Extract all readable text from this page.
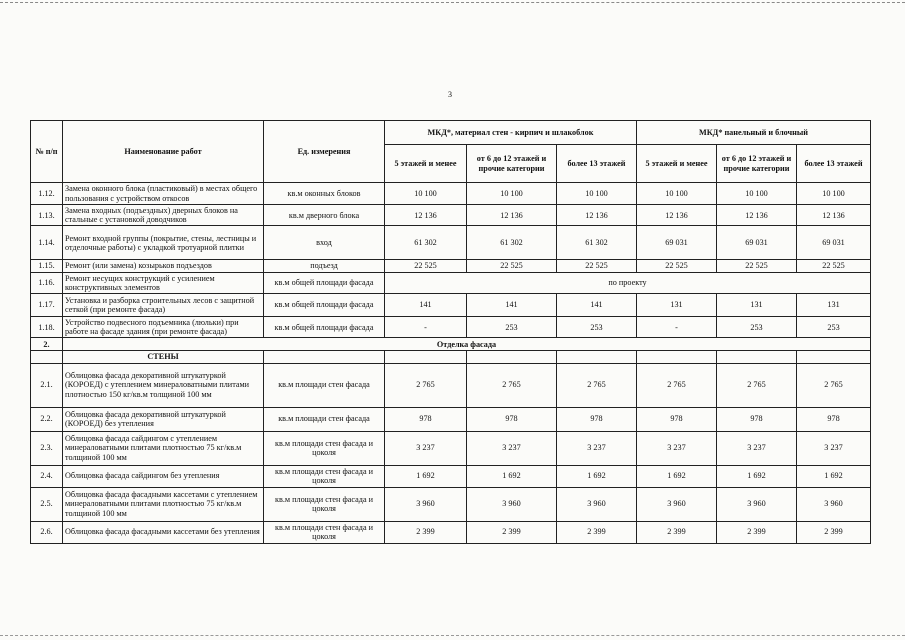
3
№ п/п	Наименование работ	Ед. измерения	МКД*, материал стен - кирпич и шлакоблок			МКД* панельный и блочный		
			5 этажей и менее	от 6 до 12 этажей и прочие категории	более 13 этажей	5 этажей и менее	от 6 до 12 этажей и прочие категории	более 13 этажей
1.12.	Замена оконного блока (пластиковый) в местах общего пользования с устройством откосов	кв.м оконных блоков	10 100	10 100	10 100	10 100	10 100	10 100
1.13.	Замена входных (подъездных) дверных блоков на стальные с установкой доводчиков	кв.м дверного блока	12 136	12 136	12 136	12 136	12 136	12 136
1.14.	Ремонт входной группы (покрытие, стены, лестницы и отделочные работы) с укладкой тротуарной плитки	вход	61 302	61 302	61 302	69 031	69 031	69 031
1.15.	Ремонт (или замена) козырьков подъездов	подъезд	22 525	22 525	22 525	22 525	22 525	22 525
1.16.	Ремонт несущих конструкций с усилением конструктивных элементов	кв.м общей площади фасада	по проекту					
1.17.	Установка и разборка строительных лесов с защитной сеткой (при ремонте фасада)	кв.м общей площади фасада	141	141	141	131	131	131
1.18.	Устройство подвесного подъемника (люльки) при работе на фасаде здания (при ремонте фасада)	кв.м общей площади фасада	-	253	253	-	253	253
2.	Отделка фасада							
	СТЕНЫ							
2.1.	Облицовка фасада декоративной штукатуркой (КОРОЕД) с утеплением минераловатными плитами плотностью 150 кг/кв.м толщиной 100 мм	кв.м площади стен фасада	2 765	2 765	2 765	2 765	2 765	2 765
2.2.	Облицовка фасада декоративной штукатуркой (КОРОЕД) без утепления	кв.м площади стен фасада	978	978	978	978	978	978
2.3.	Облицовка фасада сайдингом с утеплением минераловатными плитами плотностью 75 кг/кв.м толщиной 100 мм	кв.м площади стен фасада и цоколя	3 237	3 237	3 237	3 237	3 237	3 237
2.4.	Облицовка фасада сайдингом без утепления	кв.м площади стен фасада и цоколя	1 692	1 692	1 692	1 692	1 692	1 692
2.5.	Облицовка фасада фасадными кассетами с утеплением минераловатными плитами плотностью 75 кг/кв.м толщиной 100 мм	кв.м площади стен фасада и цоколя	3 960	3 960	3 960	3 960	3 960	3 960
2.6.	Облицовка фасада фасадными кассетами без утепления	кв.м площади стен фасада и цоколя	2 399	2 399	2 399	2 399	2 399	2 399
